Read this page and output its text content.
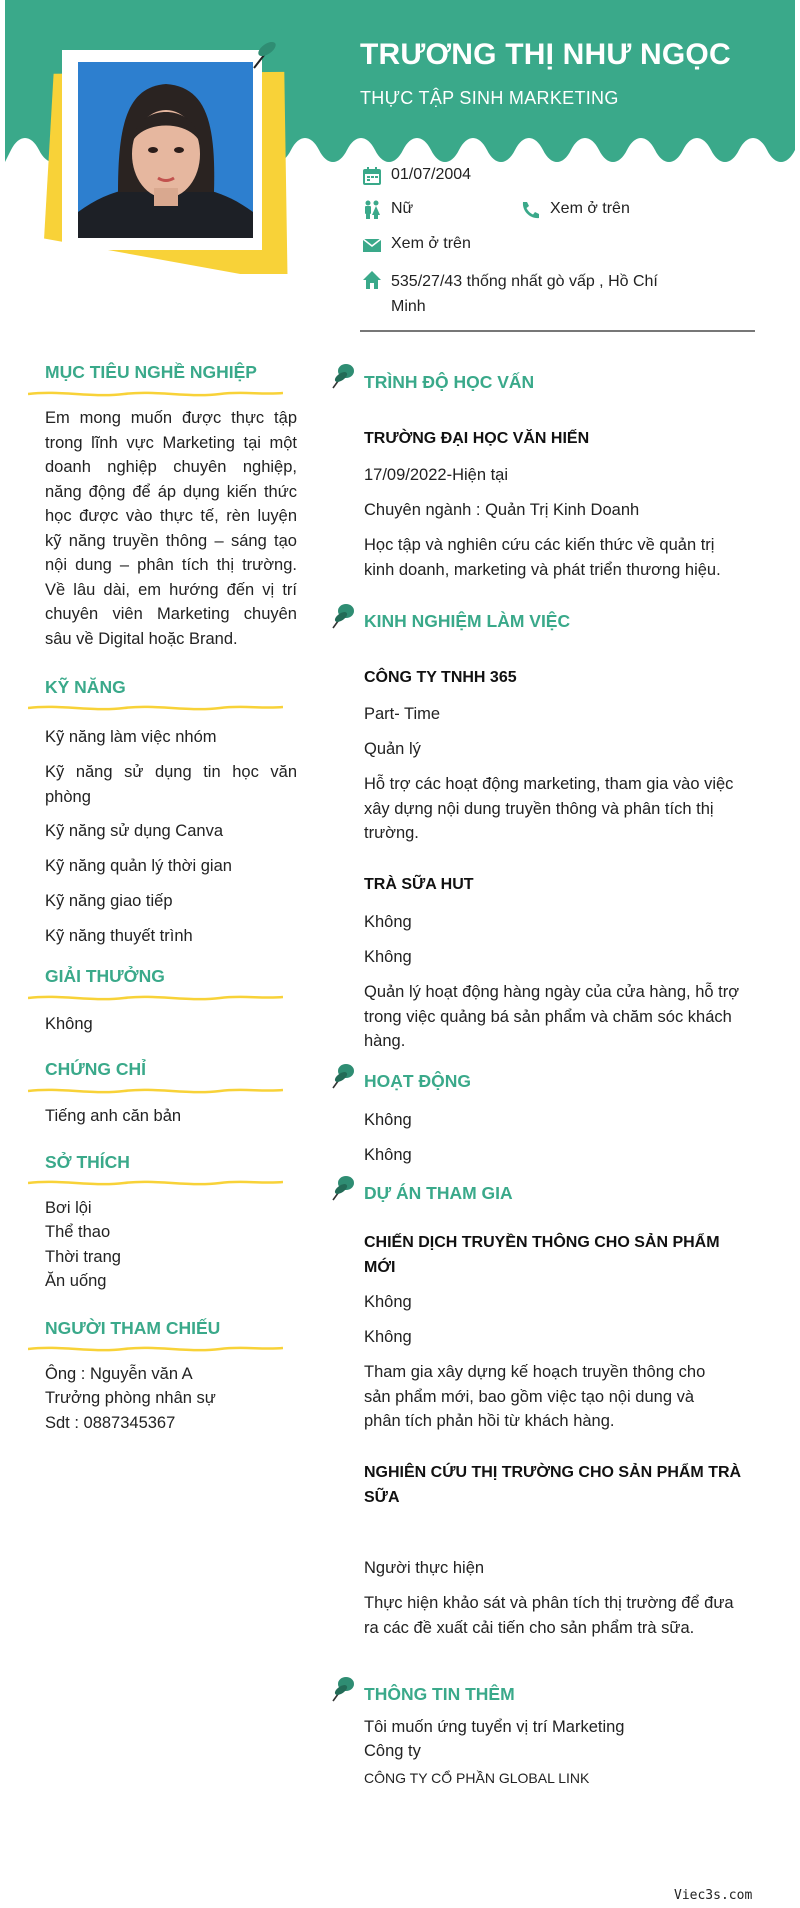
TRƯƠNG THỊ NHƯ NGỌC
THỰC TẬP SINH MARKETING
01/07/2004
Nữ	Xem ở trên
Xem ở trên
535/27/43 thống nhất gò vấp , Hồ Chí Minh
MỤC TIÊU NGHỀ NGHIỆP
Em mong muốn được thực tập trong lĩnh vực Marketing tại một doanh nghiệp chuyên nghiệp, năng động để áp dụng kiến thức học được vào thực tế, rèn luyện kỹ năng truyền thông – sáng tạo nội dung – phân tích thị trường. Về lâu dài, em hướng đến vị trí chuyên viên Marketing chuyên sâu về Digital hoặc Brand.
KỸ NĂNG
Kỹ năng làm việc nhóm
Kỹ năng sử dụng tin học văn phòng
Kỹ năng sử dụng Canva
Kỹ năng quản lý thời gian
Kỹ năng giao tiếp
Kỹ năng thuyết trình
GIẢI THƯỞNG
Không
CHỨNG CHỈ
Tiếng anh căn bản
SỞ THÍCH
Bơi lội
Thể thao
Thời trang
Ăn uống
NGƯỜI THAM CHIẾU
Ông : Nguyễn văn A
Trưởng phòng nhân sự
Sdt : 0887345367
TRÌNH ĐỘ HỌC VẤN
TRƯỜNG ĐẠI HỌC VĂN HIẾN
17/09/2022-Hiện tại
Chuyên ngành : Quản Trị Kinh Doanh
Học tập và nghiên cứu các kiến thức về quản trị kinh doanh, marketing và phát triển thương hiệu.
KINH NGHIỆM LÀM VIỆC
CÔNG TY TNHH 365
Part- Time
Quản lý
Hỗ trợ các hoạt động marketing, tham gia vào việc xây dựng nội dung truyền thông và phân tích thị trường.
TRÀ SỮA HUT
Không
Không
Quản lý hoạt động hàng ngày của cửa hàng, hỗ trợ trong việc quảng bá sản phẩm và chăm sóc khách hàng.
HOẠT ĐỘNG
Không
Không
DỰ ÁN THAM GIA
CHIẾN DỊCH TRUYỀN THÔNG CHO SẢN PHẨM MỚI
Không
Không
Tham gia xây dựng kế hoạch truyền thông cho sản phẩm mới, bao gồm việc tạo nội dung và phân tích phản hồi từ khách hàng.
NGHIÊN CỨU THỊ TRƯỜNG CHO SẢN PHẨM TRÀ SỮA
Người thực hiện
Thực hiện khảo sát và phân tích thị trường để đưa ra các đề xuất cải tiến cho sản phẩm trà sữa.
THÔNG TIN THÊM
Tôi muốn ứng tuyển vị trí Marketing
Công ty
CÔNG TY CỔ PHẦN GLOBAL LINK
Viec3s.com
